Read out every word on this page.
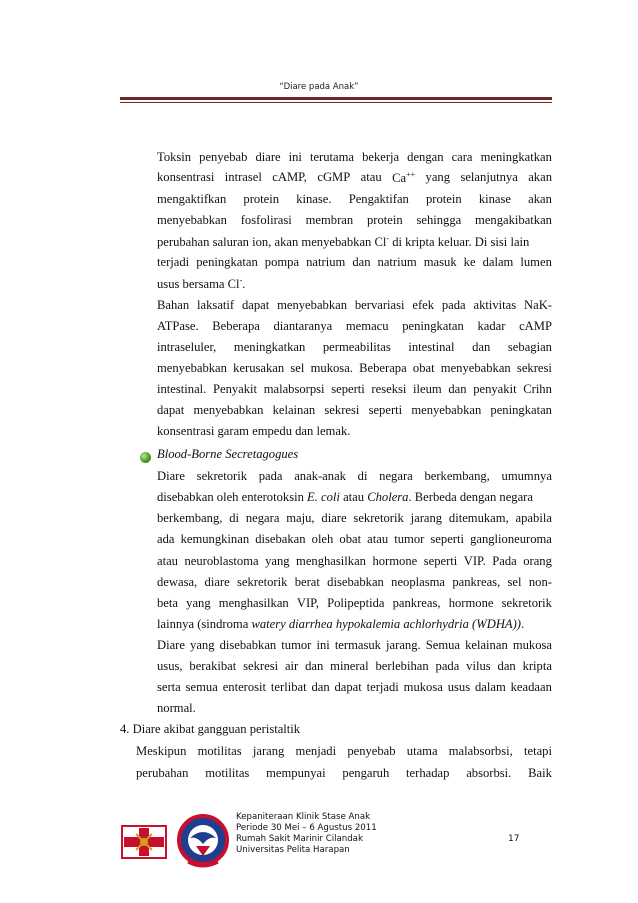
“Diare pada Anak”
Toksin penyebab diare ini terutama bekerja dengan cara meningkatkan
konsentrasi intrasel cAMP, cGMP atau Ca++ yang selanjutnya akan
mengaktifkan protein kinase. Pengaktifan protein kinase akan
menyebabkan fosfolirasi membran protein sehingga mengakibatkan
perubahan saluran ion, akan menyebabkan Cl- di kripta keluar. Di sisi lain
terjadi peningkatan pompa natrium dan natrium masuk ke dalam lumen
usus bersama Cl-.
Bahan laksatif dapat menyebabkan bervariasi efek pada aktivitas NaK-
ATPase. Beberapa diantaranya memacu peningkatan kadar cAMP
intraseluler, meningkatkan permeabilitas intestinal dan sebagian
menyebabkan kerusakan sel mukosa. Beberapa obat menyebabkan sekresi
intestinal. Penyakit malabsorpsi seperti reseksi ileum dan penyakit Crihn
dapat menyebabkan kelainan sekresi seperti menyebabkan peningkatan
konsentrasi garam empedu dan lemak.
Blood-Borne Secretagogues
Diare sekretorik pada anak-anak di negara berkembang, umumnya
disebabkan oleh enterotoksin E. coli atau Cholera. Berbeda dengan negara
berkembang, di negara maju, diare sekretorik jarang ditemukam, apabila
ada kemungkinan disebakan oleh obat atau tumor seperti ganglioneuroma
atau neuroblastoma yang menghasilkan hormone seperti VIP. Pada orang
dewasa, diare sekretorik berat disebabkan neoplasma pankreas, sel non-
beta yang menghasilkan VIP, Polipeptida pankreas, hormone sekretorik
lainnya (sindroma watery diarrhea hypokalemia achlorhydria (WDHA)).
Diare yang disebabkan tumor ini termasuk jarang. Semua kelainan mukosa
usus, berakibat sekresi air dan mineral berlebihan pada vilus dan kripta
serta semua enterosit terlibat dan dapat terjadi mukosa usus dalam keadaan
normal.
4. Diare akibat gangguan peristaltik
Meskipun motilitas jarang menjadi penyebab utama malabsorbsi, tetapi
perubahan motilitas mempunyai pengaruh terhadap absorbsi. Baik
Kepaniteraan Klinik Stase Anak
Periode 30 Mei – 6 Agustus 2011
Rumah Sakit Marinir Cilandak
Universitas Pelita Harapan
17
